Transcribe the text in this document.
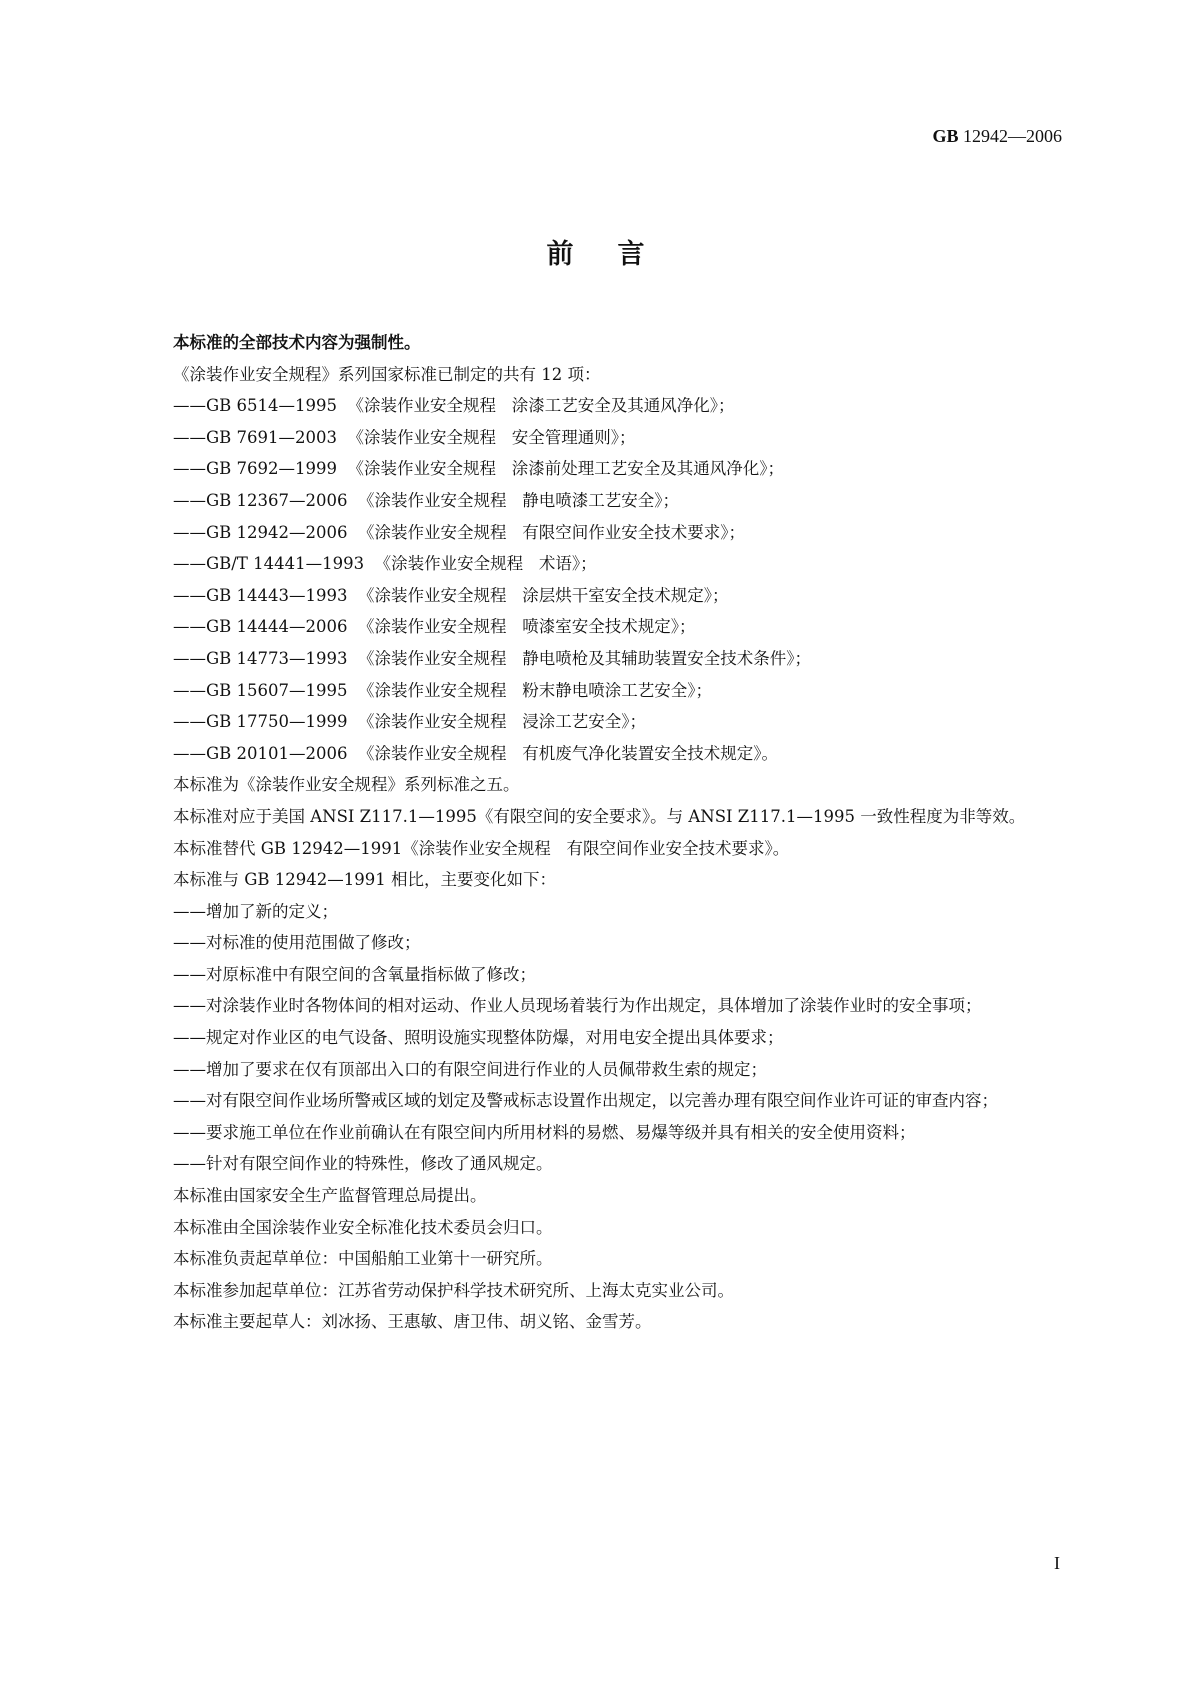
GB 12942—2006
前言

本标准的全部技术内容为强制性。

《涂装作业安全规程》系列国家标准已制定的共有 12 项：

——GB 6514—1995  《涂装作业安全规程   涂漆工艺安全及其通风净化》；

——GB 7691—2003  《涂装作业安全规程   安全管理通则》；

——GB 7692—1999  《涂装作业安全规程   涂漆前处理工艺安全及其通风净化》；

——GB 12367—2006  《涂装作业安全规程   静电喷漆工艺安全》；

——GB 12942—2006  《涂装作业安全规程   有限空间作业安全技术要求》；

——GB/T 14441—1993  《涂装作业安全规程   术语》；

——GB 14443—1993  《涂装作业安全规程   涂层烘干室安全技术规定》；

——GB 14444—2006  《涂装作业安全规程   喷漆室安全技术规定》；

——GB 14773—1993  《涂装作业安全规程   静电喷枪及其辅助装置安全技术条件》；

——GB 15607—1995  《涂装作业安全规程   粉末静电喷涂工艺安全》；

——GB 17750—1999  《涂装作业安全规程   浸涂工艺安全》；

——GB 20101—2006  《涂装作业安全规程   有机废气净化装置安全技术规定》。

本标准为《涂装作业安全规程》系列标准之五。

本标准对应于美国 ANSI Z117.1—1995《有限空间的安全要求》。与 ANSI Z117.1—1995 一致性程度为非等效。

本标准替代 GB 12942—1991《涂装作业安全规程   有限空间作业安全技术要求》。

本标准与 GB 12942—1991 相比，主要变化如下：

——增加了新的定义；

——对标准的使用范围做了修改；

——对原标准中有限空间的含氧量指标做了修改；

——对涂装作业时各物体间的相对运动、作业人员现场着装行为作出规定，具体增加了涂装作业时的安全事项；

——规定对作业区的电气设备、照明设施实现整体防爆，对用电安全提出具体要求；

——增加了要求在仅有顶部出入口的有限空间进行作业的人员佩带救生索的规定；

——对有限空间作业场所警戒区域的划定及警戒标志设置作出规定，以完善办理有限空间作业许可证的审查内容；

——要求施工单位在作业前确认在有限空间内所用材料的易燃、易爆等级并具有相关的安全使用资料；

——针对有限空间作业的特殊性，修改了通风规定。

本标准由国家安全生产监督管理总局提出。

本标准由全国涂装作业安全标准化技术委员会归口。

本标准负责起草单位：中国船舶工业第十一研究所。

本标准参加起草单位：江苏省劳动保护科学技术研究所、上海太克实业公司。

本标准主要起草人：刘冰扬、王惠敏、唐卫伟、胡义铭、金雪芳。

I
